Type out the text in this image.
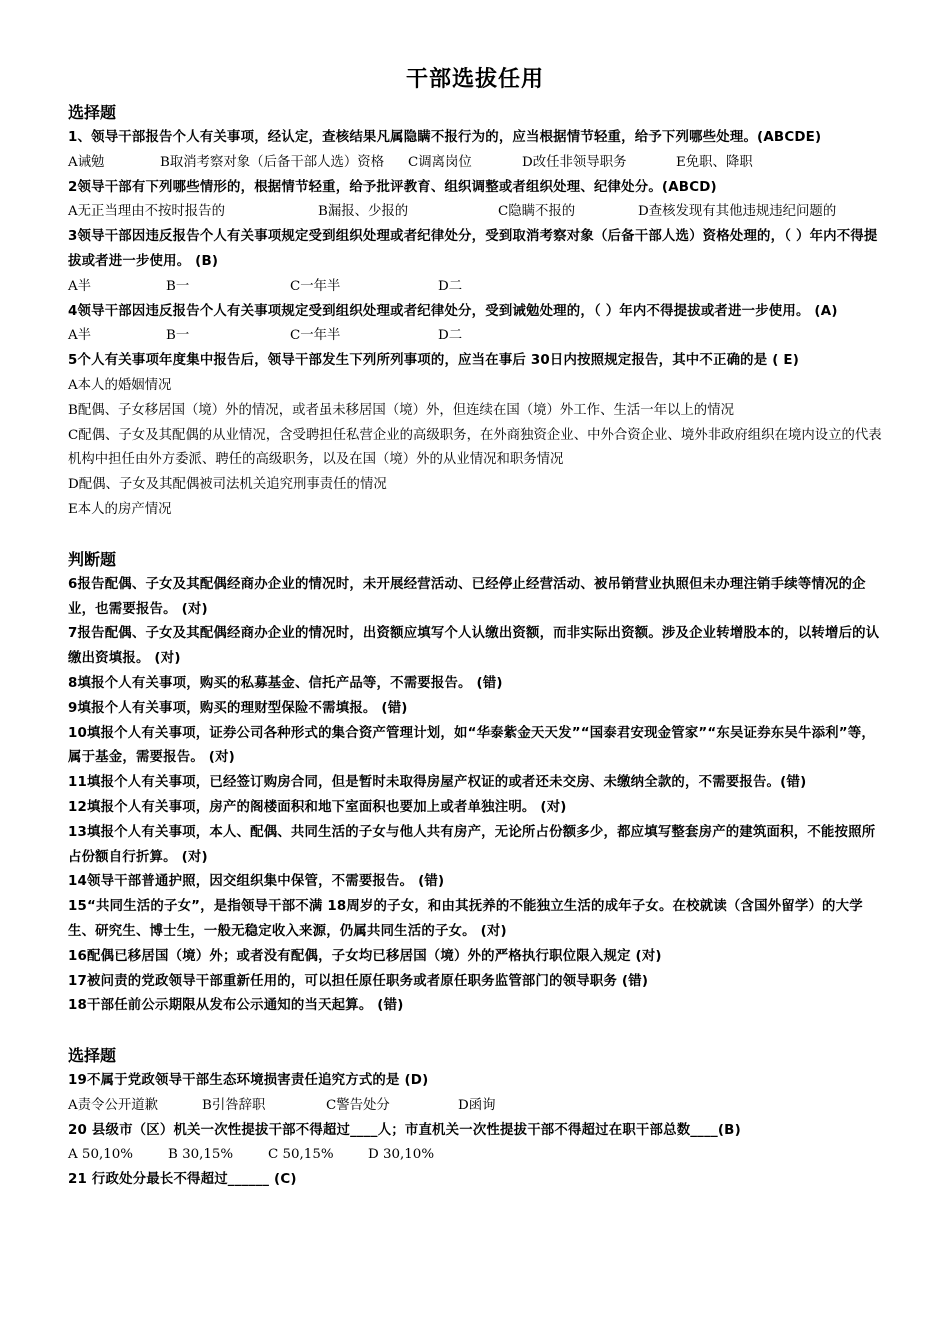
干部选拔任用
选择题
1、领导干部报告个人有关事项，经认定，查核结果凡属隐瞒不报行为的，应当根据情节轻重，给予下列哪些处理。(ABCDE)
A诫勉	B取消考察对象（后备干部人选）资格	C调离岗位	D改任非领导职务	E免职、降职
2领导干部有下列哪些情形的，根据情节轻重，给予批评教育、组织调整或者组织处理、纪律处分。(ABCD)
A无正当理由不按时报告的	B漏报、少报的	C隐瞒不报的	D查核发现有其他违规违纪问题的
3领导干部因违反报告个人有关事项规定受到组织处理或者纪律处分，受到取消考察对象（后备干部人选）资格处理的，（ ）年内不得提拔或者进一步使用。 (B)
A半	B一	C一年半	D二
4领导干部因违反报告个人有关事项规定受到组织处理或者纪律处分，受到诫勉处理的，（ ）年内不得提拔或者进一步使用。 (A)
A半	B一	C一年半	D二
5个人有关事项年度集中报告后，领导干部发生下列所列事项的，应当在事后 30日内按照规定报告，其中不正确的是 ( E)
A本人的婚姻情况
B配偶、子女移居国（境）外的情况，或者虽未移居国（境）外，但连续在国（境）外工作、生活一年以上的情况
C配偶、子女及其配偶的从业情况，含受聘担任私营企业的高级职务，在外商独资企业、中外合资企业、境外非政府组织在境内设立的代表机构中担任由外方委派、聘任的高级职务，以及在国（境）外的从业情况和职务情况
D配偶、子女及其配偶被司法机关追究刑事责任的情况
E本人的房产情况
判断题
6报告配偶、子女及其配偶经商办企业的情况时，未开展经营活动、已经停止经营活动、被吊销营业执照但未办理注销手续等情况的企业，也需要报告。 (对)
7报告配偶、子女及其配偶经商办企业的情况时，出资额应填写个人认缴出资额，而非实际出资额。涉及企业转增股本的，以转增后的认缴出资填报。 (对)
8填报个人有关事项，购买的私募基金、信托产品等，不需要报告。 (错)
9填报个人有关事项，购买的理财型保险不需填报。 (错)
10填报个人有关事项，证券公司各种形式的集合资产管理计划，如“华泰紫金天天发”“国泰君安现金管家”“东吴证券东吴牛添利”等，属于基金，需要报告。 (对)
11填报个人有关事项，已经签订购房合同，但是暂时未取得房屋产权证的或者还未交房、未缴纳全款的，不需要报告。(错)
12填报个人有关事项，房产的阁楼面积和地下室面积也要加上或者单独注明。 (对)
13填报个人有关事项，本人、配偶、共同生活的子女与他人共有房产，无论所占份额多少，都应填写整套房产的建筑面积，不能按照所占份额自行折算。 (对)
14领导干部普通护照，因交组织集中保管，不需要报告。 (错)
15“共同生活的子女”，是指领导干部不满 18周岁的子女，和由其抚养的不能独立生活的成年子女。在校就读（含国外留学）的大学生、研究生、博士生，一般无稳定收入来源，仍属共同生活的子女。 (对)
16配偶已移居国（境）外；或者没有配偶，子女均已移居国（境）外的严格执行职位限入规定 (对)
17被问责的党政领导干部重新任用的，可以担任原任职务或者原任职务监管部门的领导职务 (错)
18干部任前公示期限从发布公示通知的当天起算。 (错)
选择题
19不属于党政领导干部生态环境损害责任追究方式的是 (D)
A责令公开道歉	B引咎辞职	C警告处分	D函询
20 县级市（区）机关一次性提拔干部不得超过____人；市直机关一次性提拔干部不得超过在职干部总数____(B)
A 50,10%	B 30,15%	C 50,15%	D 30,10%
21 行政处分最长不得超过______ (C)
